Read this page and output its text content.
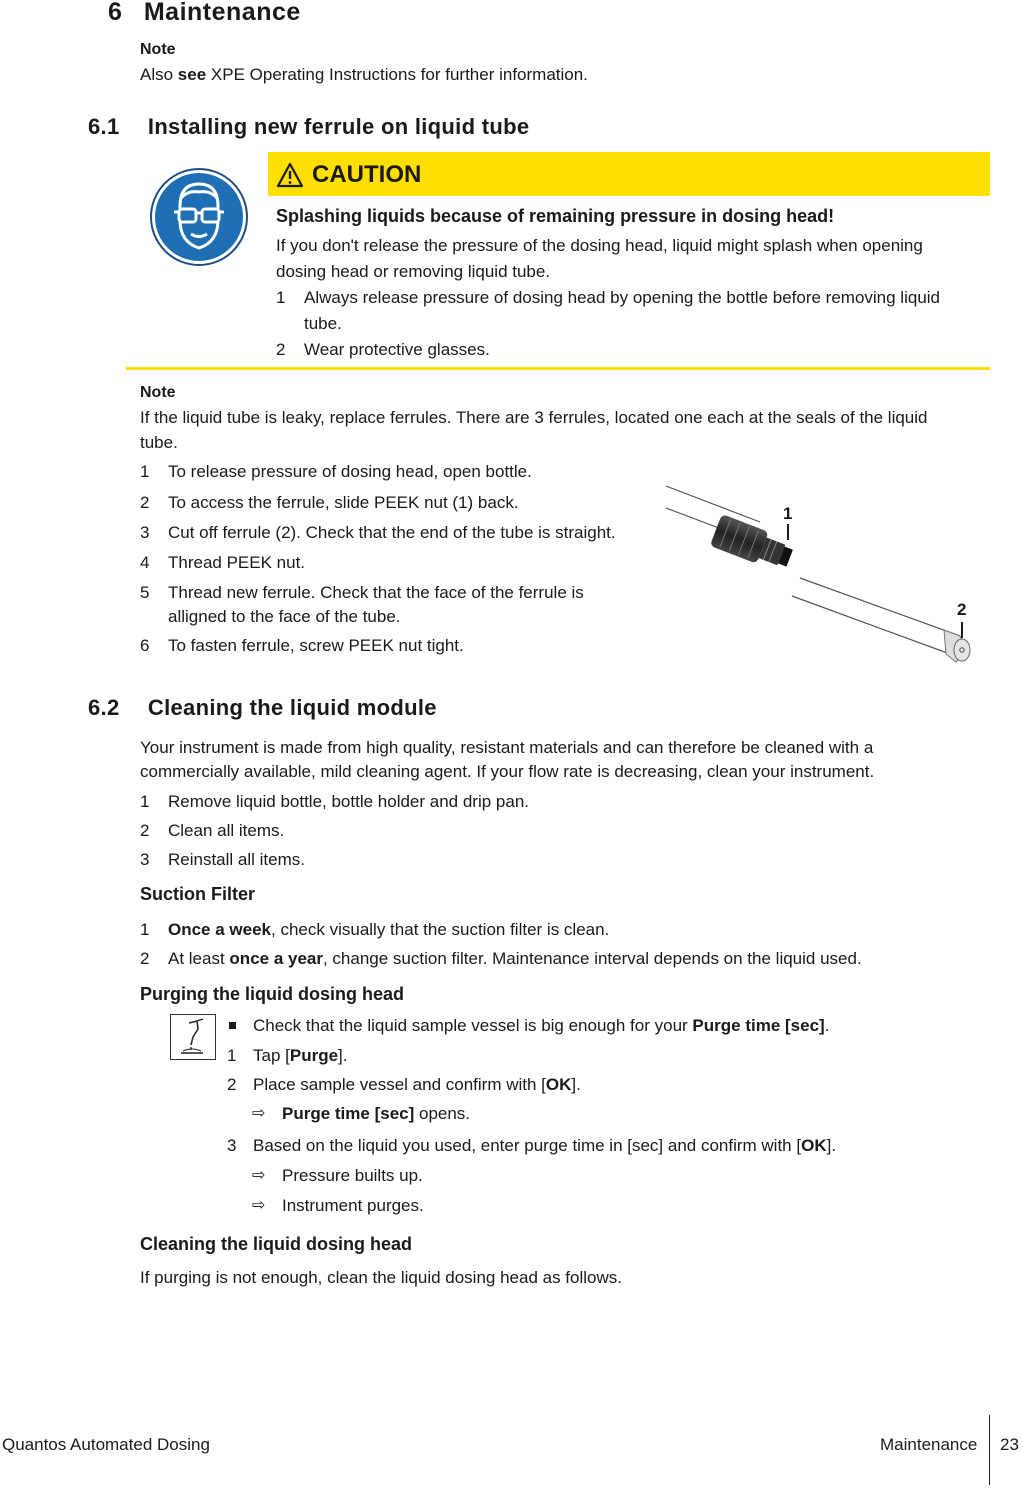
6 Maintenance
Note
Also see XPE Operating Instructions for further information.
6.1 Installing new ferrule on liquid tube
CAUTION
Splashing liquids because of remaining pressure in dosing head!
If you don't release the pressure of the dosing head, liquid might splash when opening
dosing head or removing liquid tube.
1	Always release pressure of dosing head by opening the bottle before removing liquid
tube.
2	Wear protective glasses.
Note
If the liquid tube is leaky, replace ferrules. There are 3 ferrules, located one each at the seals of the liquid
tube.
1	To release pressure of dosing head, open bottle.
2	To access the ferrule, slide PEEK nut (1) back.
3	Cut off ferrule (2). Check that the end of the tube is straight.
4	Thread PEEK nut.
5	Thread new ferrule. Check that the face of the ferrule is
alligned to the face of the tube.
6	To fasten ferrule, screw PEEK nut tight.
1
2
6.2 Cleaning the liquid module
Your instrument is made from high quality, resistant materials and can therefore be cleaned with a
commercially available, mild cleaning agent. If your flow rate is decreasing, clean your instrument.
1	Remove liquid bottle, bottle holder and drip pan.
2	Clean all items.
3	Reinstall all items.
Suction Filter
1	Once a week, check visually that the suction filter is clean.
2	At least once a year, change suction filter. Maintenance interval depends on the liquid used.
Purging the liquid dosing head
Check that the liquid sample vessel is big enough for your Purge time [sec].
1 Tap [Purge].
2 Place sample vessel and confirm with [OK].
⇨ Purge time [sec] opens.
3 Based on the liquid you used, enter purge time in [sec] and confirm with [OK].
⇨ Pressure builts up.
⇨ Instrument purges.
Cleaning the liquid dosing head
If purging is not enough, clean the liquid dosing head as follows.
Quantos Automated Dosing	Maintenance 23
